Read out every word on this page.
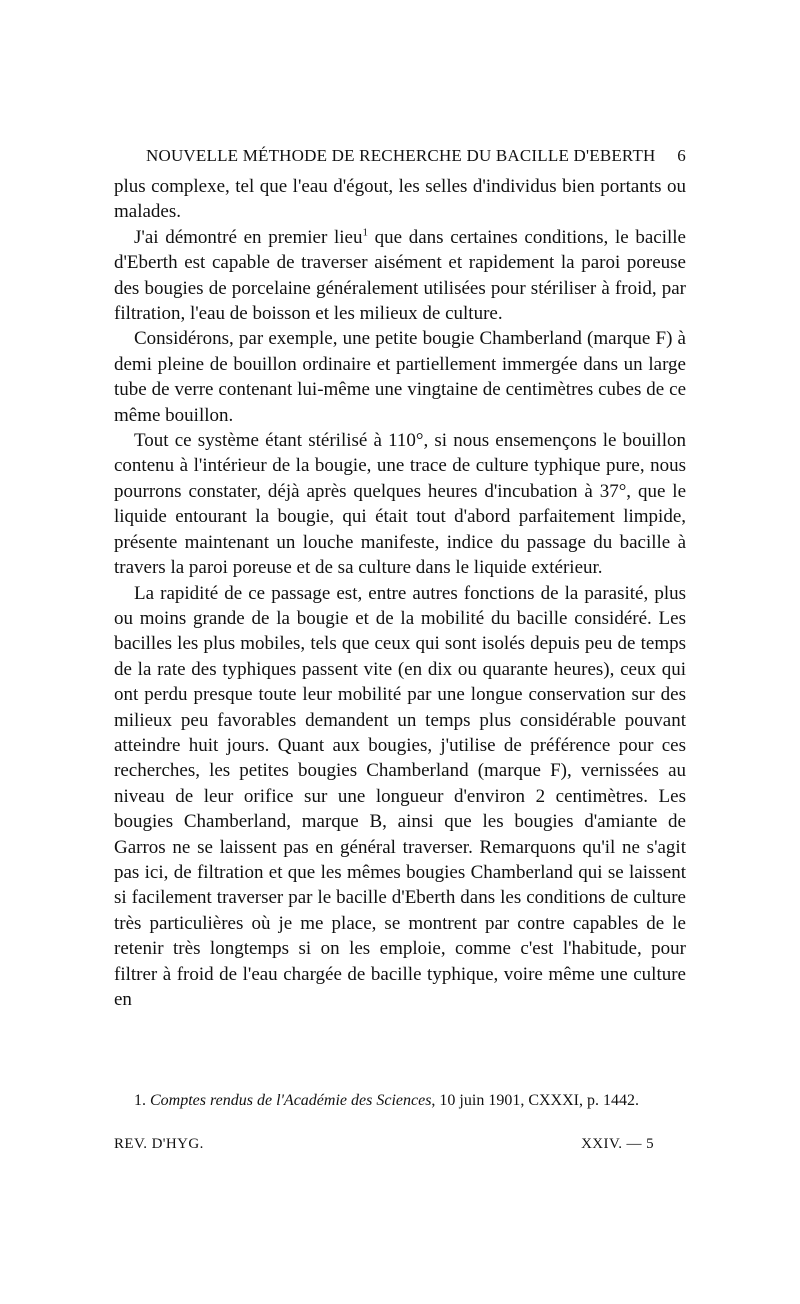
NOUVELLE MÉTHODE DE RECHERCHE DU BACILLE D'EBERTH 6

plus complexe, tel que l'eau d'égout, les selles d'individus bien portants ou malades.

J'ai démontré en premier lieu$^1$ que dans certaines conditions, le bacille d'Eberth est capable de traverser aisément et rapidement la paroi poreuse des bougies de porcelaine généralement utilisées pour stériliser à froid, par filtration, l'eau de boisson et les milieux de culture.

Considérons, par exemple, une petite bougie Chamberland (marque F) à demi pleine de bouillon ordinaire et partiellement immergée dans un large tube de verre contenant lui-même une vingtaine de centimètres cubes de ce même bouillon.

Tout ce système étant stérilisé à 110°, si nous ensemençons le bouillon contenu à l'intérieur de la bougie, une trace de culture typhique pure, nous pourrons constater, déjà après quelques heures d'incubation à 37°, que le liquide entourant la bougie, qui était tout d'abord parfaitement limpide, présente maintenant un louche manifeste, indice du passage du bacille à travers la paroi poreuse et de sa culture dans le liquide extérieur.

La rapidité de ce passage est, entre autres fonctions de la parasité, plus ou moins grande de la bougie et de la mobilité du bacille considéré. Les bacilles les plus mobiles, tels que ceux qui sont isolés depuis peu de temps de la rate des typhiques passent vite (en dix ou quarante heures), ceux qui ont perdu presque toute leur mobilité par une longue conservation sur des milieux peu favorables demandent un temps plus considérable pouvant atteindre huit jours. Quant aux bougies, j'utilise de préférence pour ces recherches, les petites bougies Chamberland (marque F), vernissées au niveau de leur orifice sur une longueur d'environ 2 centimètres. Les bougies Chamberland, marque B, ainsi que les bougies d'amiante de Garros ne se laissent pas en général traverser. Remarquons qu'il ne s'agit pas ici, de filtration et que les mêmes bougies Chamberland qui se laissent si facilement traverser par le bacille d'Eberth dans les conditions de culture très particulières où je me place, se montrent par contre capables de le retenir très longtemps si on les emploie, comme c'est l'habitude, pour filtrer à froid de l'eau chargée de bacille typhique, voire même une culture en

1. Comptes rendus de l'Académie des Sciences, 10 juin 1901, CXXXI, p. 1442.
REV. D'HYG.	XXIV. — 5
